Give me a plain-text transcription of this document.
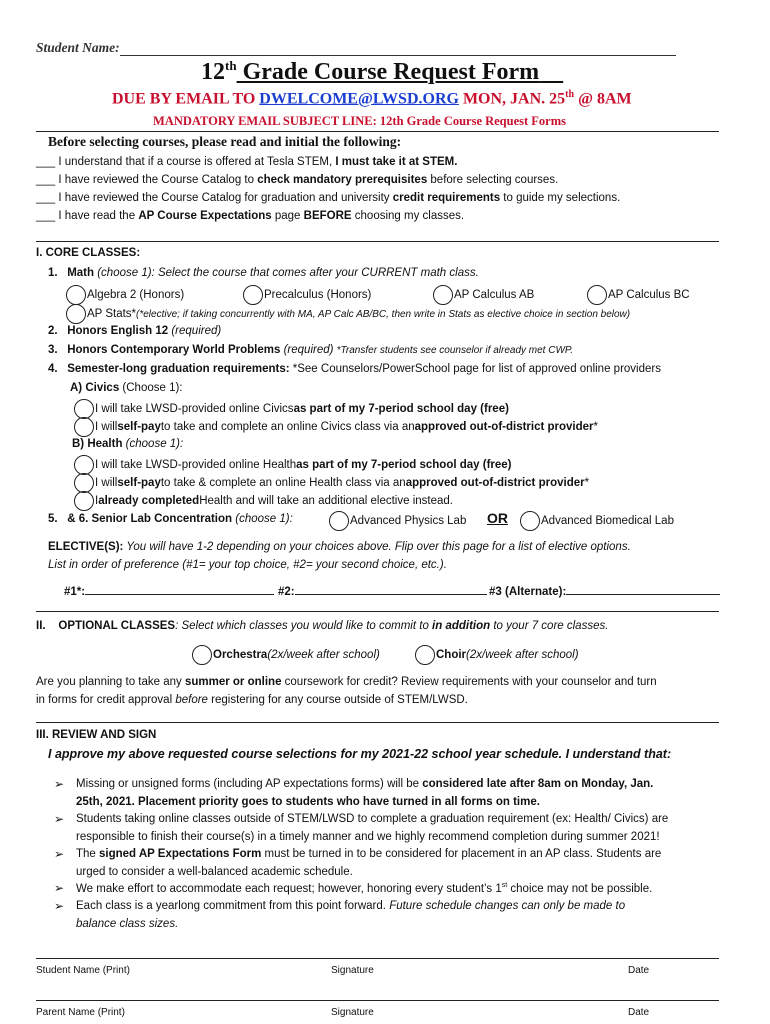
Student Name:
12th Grade Course Request Form
DUE BY EMAIL TO DWELCOME@LWSD.ORG MON, JAN. 25th @ 8AM
MANDATORY EMAIL SUBJECT LINE: 12th Grade Course Request Forms
Before selecting courses, please read and initial the following:
___ I understand that if a course is offered at Tesla STEM, I must take it at STEM.
___ I have reviewed the Course Catalog to check mandatory prerequisites before selecting courses.
___ I have reviewed the Course Catalog for graduation and university credit requirements to guide my selections.
___ I have read the AP Course Expectations page BEFORE choosing my classes.
I. CORE CLASSES:
1. Math (choose 1): Select the course that comes after your CURRENT math class.
Algebra 2 (Honors)	Precalculus (Honors)	AP Calculus AB	AP Calculus BC
AP Stats* (*elective; if taking concurrently with MA, AP Calc AB/BC, then write in Stats as elective choice in section below)
2. Honors English 12 (required)
3. Honors Contemporary World Problems (required) *Transfer students see counselor if already met CWP.
4. Semester-long graduation requirements: *See Counselors/PowerSchool page for list of approved online providers
A) Civics (Choose 1):
I will take LWSD-provided online Civics as part of my 7-period school day (free)
I will self-pay to take and complete an online Civics class via an approved out-of-district provider *
B) Health (choose 1):
I will take LWSD-provided online Health as part of my 7-period school day (free)
I will self-pay to take & complete an online Health class via an approved out-of-district provider *
I already completed Health and will take an additional elective instead.
5. & 6. Senior Lab Concentration (choose 1):	Advanced Physics Lab OR	Advanced Biomedical Lab
ELECTIVE(S): You will have 1-2 depending on your choices above. Flip over this page for a list of elective options.
List in order of preference (#1= your top choice, #2= your second choice, etc.).
#1*:	#2:	#3 (Alternate):
II. OPTIONAL CLASSES: Select which classes you would like to commit to in addition to your 7 core classes.
Orchestra (2x/week after school)	Choir (2x/week after school)
Are you planning to take any summer or online coursework for credit? Review requirements with your counselor and turn
in forms for credit approval before registering for any course outside of STEM/LWSD.
III. REVIEW AND SIGN
I approve my above requested course selections for my 2021-22 school year schedule. I understand that:
➢ Missing or unsigned forms (including AP expectations forms) will be considered late after 8am on Monday, Jan.
25th, 2021. Placement priority goes to students who have turned in all forms on time.
➢ Students taking online classes outside of STEM/LWSD to complete a graduation requirement (ex: Health/ Civics) are
responsible to finish their course(s) in a timely manner and we highly recommend completion during summer 2021!
➢ The signed AP Expectations Form must be turned in to be considered for placement in an AP class. Students are
urged to consider a well-balanced academic schedule.
➢ We make effort to accommodate each request; however, honoring every student’s 1st choice may not be possible.
➢ Each class is a yearlong commitment from this point forward. Future schedule changes can only be made to
balance class sizes.
Student Name (Print)	Signature	Date
Parent Name (Print)	Signature	Date
